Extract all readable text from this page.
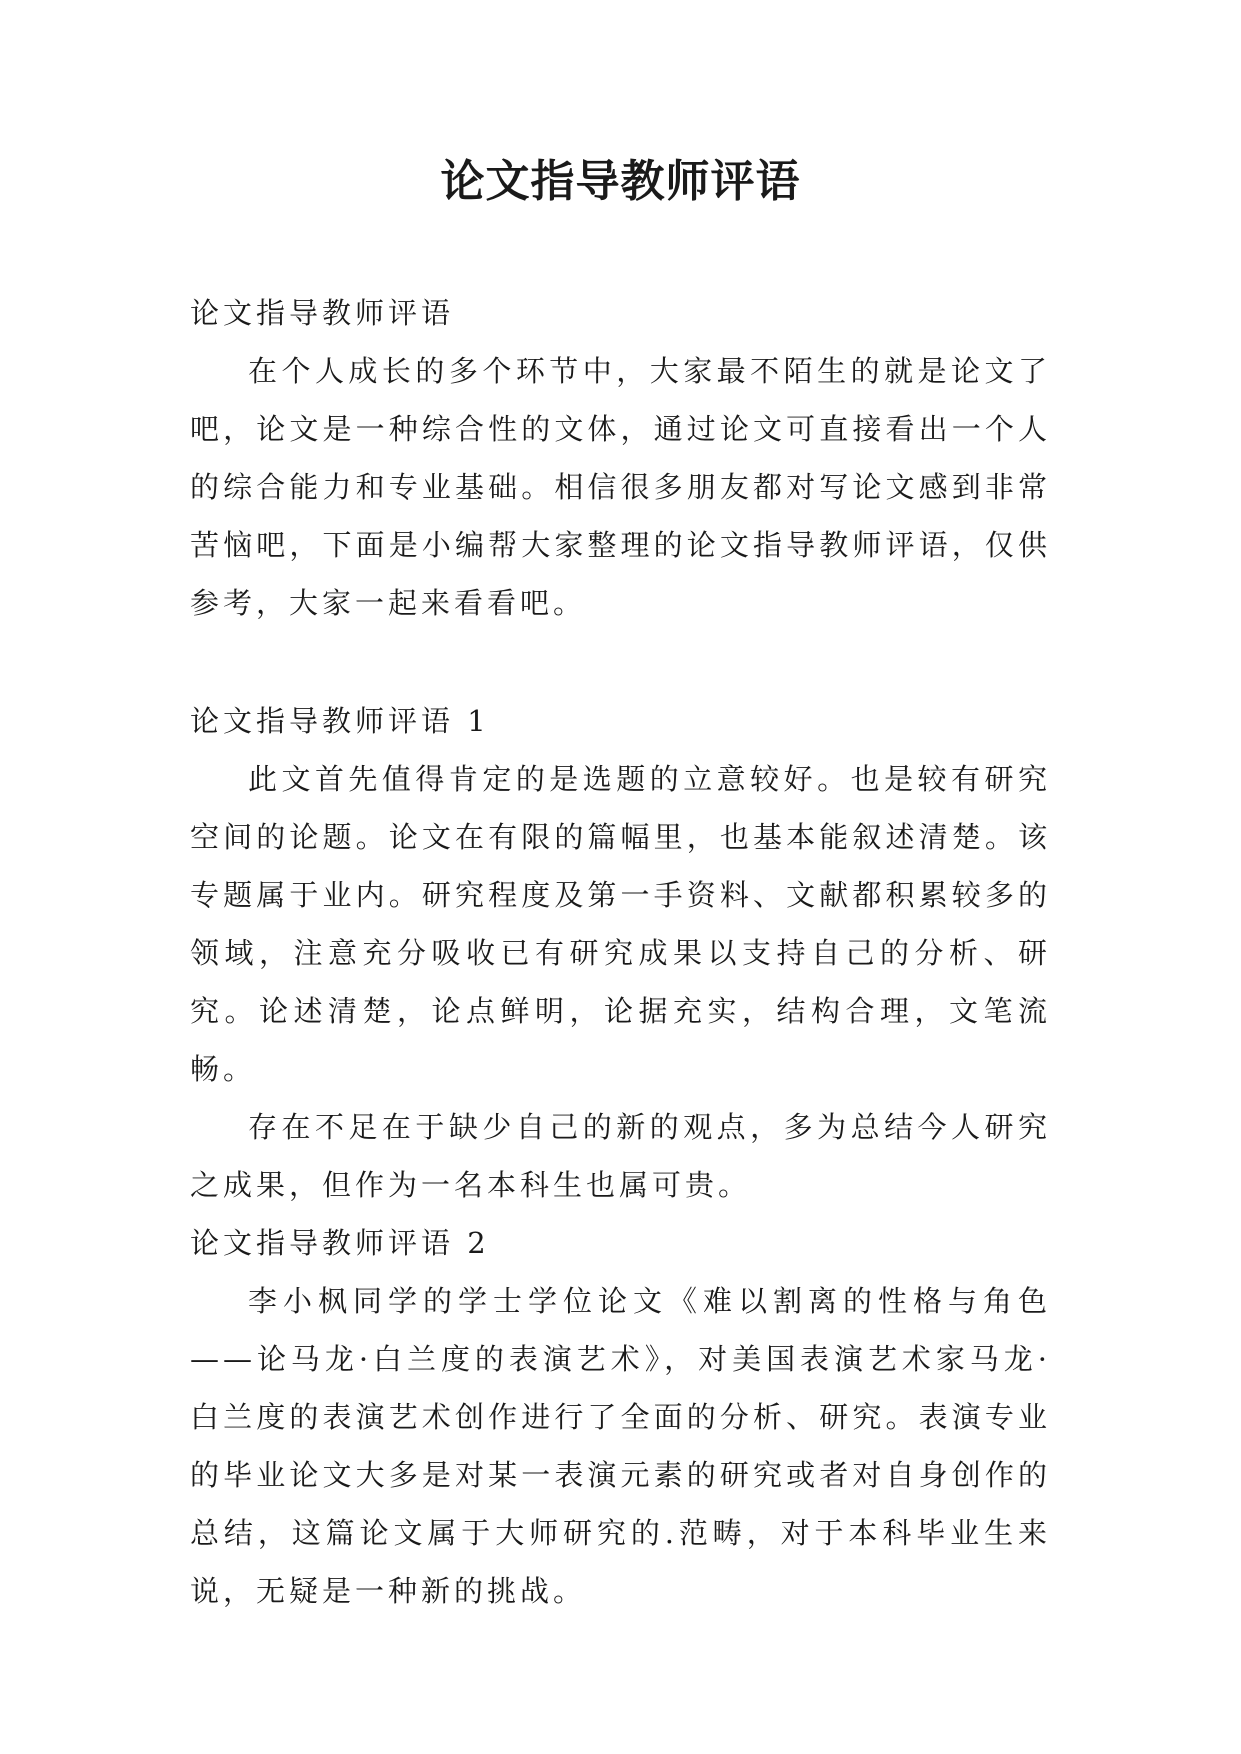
论文指导教师评语

论文指导教师评语

在个人成长的多个环节中，大家最不陌生的就是论文了吧，论文是一种综合性的文体，通过论文可直接看出一个人的综合能力和专业基础。相信很多朋友都对写论文感到非常苦恼吧，下面是小编帮大家整理的论文指导教师评语，仅供参考，大家一起来看看吧。

论文指导教师评语 1

此文首先值得肯定的是选题的立意较好。也是较有研究空间的论题。论文在有限的篇幅里，也基本能叙述清楚。该专题属于业内。研究程度及第一手资料、文献都积累较多的领域，注意充分吸收已有研究成果以支持自己的分析、研究。论述清楚，论点鲜明，论据充实，结构合理，文笔流畅。

存在不足在于缺少自己的新的观点，多为总结今人研究之成果，但作为一名本科生也属可贵。

论文指导教师评语 2

李小枫同学的学士学位论文《难以割离的性格与角色——论马龙·白兰度的表演艺术》，对美国表演艺术家马龙·白兰度的表演艺术创作进行了全面的分析、研究。表演专业的毕业论文大多是对某一表演元素的研究或者对自身创作的总结，这篇论文属于大师研究的.范畴，对于本科毕业生来说，无疑是一种新的挑战。
